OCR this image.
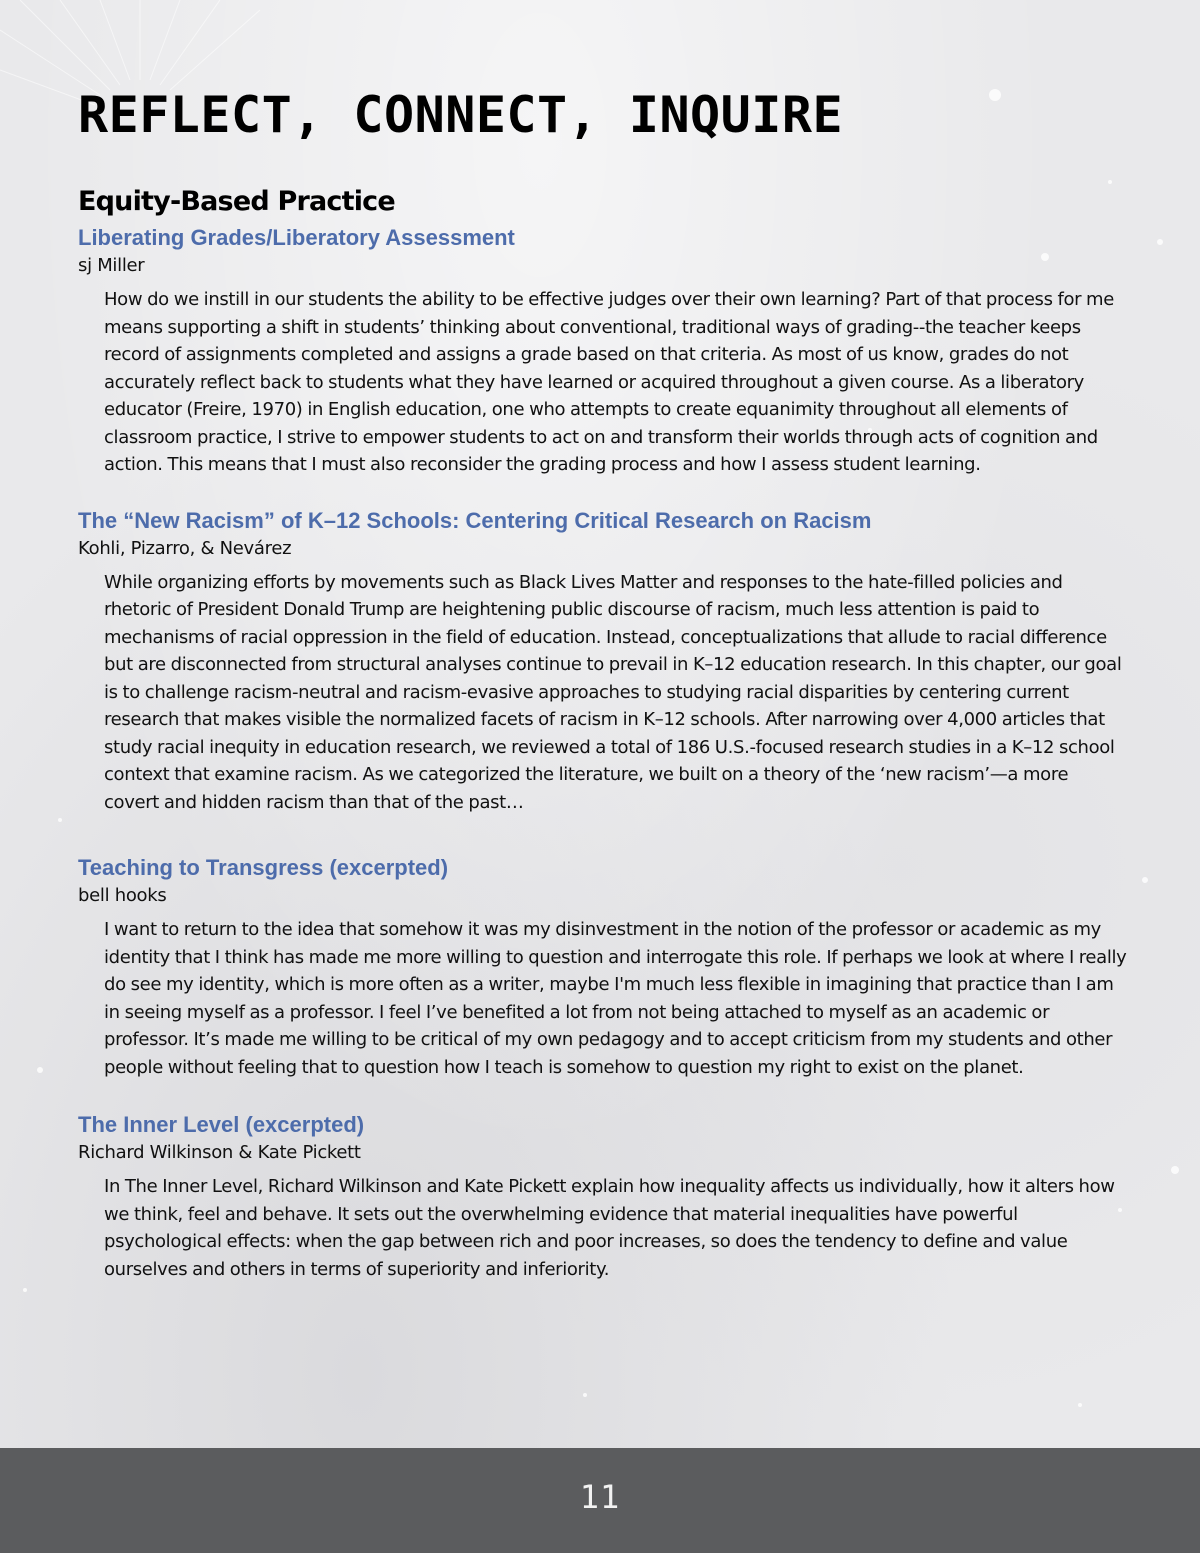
REFLECT, CONNECT, INQUIRE
Equity-Based Practice

Liberating Grades/Liberatory Assessment

sj Miller

How do we instill in our students the ability to be effective judges over their own learning? Part of that process for me means supporting a shift in students’ thinking about conventional, traditional ways of grading--the teacher keeps record of assignments completed and assigns a grade based on that criteria. As most of us know, grades do not accurately reflect back to students what they have learned or acquired throughout a given course. As a liberatory educator (Freire, 1970) in English education, one who attempts to create equanimity throughout all elements of classroom practice, I strive to empower students to act on and transform their worlds through acts of cognition and action. This means that I must also reconsider the grading process and how I assess student learning.

The “New Racism” of K–12 Schools: Centering Critical Research on Racism

Kohli, Pizarro, & Nevárez

While organizing efforts by movements such as Black Lives Matter and responses to the hate-filled policies and rhetoric of President Donald Trump are heightening public discourse of racism, much less attention is paid to mechanisms of racial oppression in the field of education. Instead, conceptualizations that allude to racial difference but are disconnected from structural analyses continue to prevail in K–12 education research. In this chapter, our goal is to challenge racism-neutral and racism-evasive approaches to studying racial disparities by centering current research that makes visible the normalized facets of racism in K–12 schools. After narrowing over 4,000 articles that study racial inequity in education research, we reviewed a total of 186 U.S.-focused research studies in a K–12 school context that examine racism. As we categorized the literature, we built on a theory of the ‘new racism’—a more covert and hidden racism than that of the past…

Teaching to Transgress (excerpted)

bell hooks

I want to return to the idea that somehow it was my disinvestment in the notion of the professor or academic as my identity that I think has made me more willing to question and interrogate this role. If perhaps we look at where I really do see my identity, which is more often as a writer, maybe I'm much less flexible in imagining that practice than I am in seeing myself as a professor. I feel I’ve benefited a lot from not being attached to myself as an academic or professor. It’s made me willing to be critical of my own pedagogy and to accept criticism from my students and other people without feeling that to question how I teach is somehow to question my right to exist on the planet.

The Inner Level (excerpted)

Richard Wilkinson & Kate Pickett

In The Inner Level, Richard Wilkinson and Kate Pickett explain how inequality affects us individually, how it alters how we think, feel and behave. It sets out the overwhelming evidence that material inequalities have powerful psychological effects: when the gap between rich and poor increases, so does the tendency to define and value ourselves and others in terms of superiority and inferiority.

11
